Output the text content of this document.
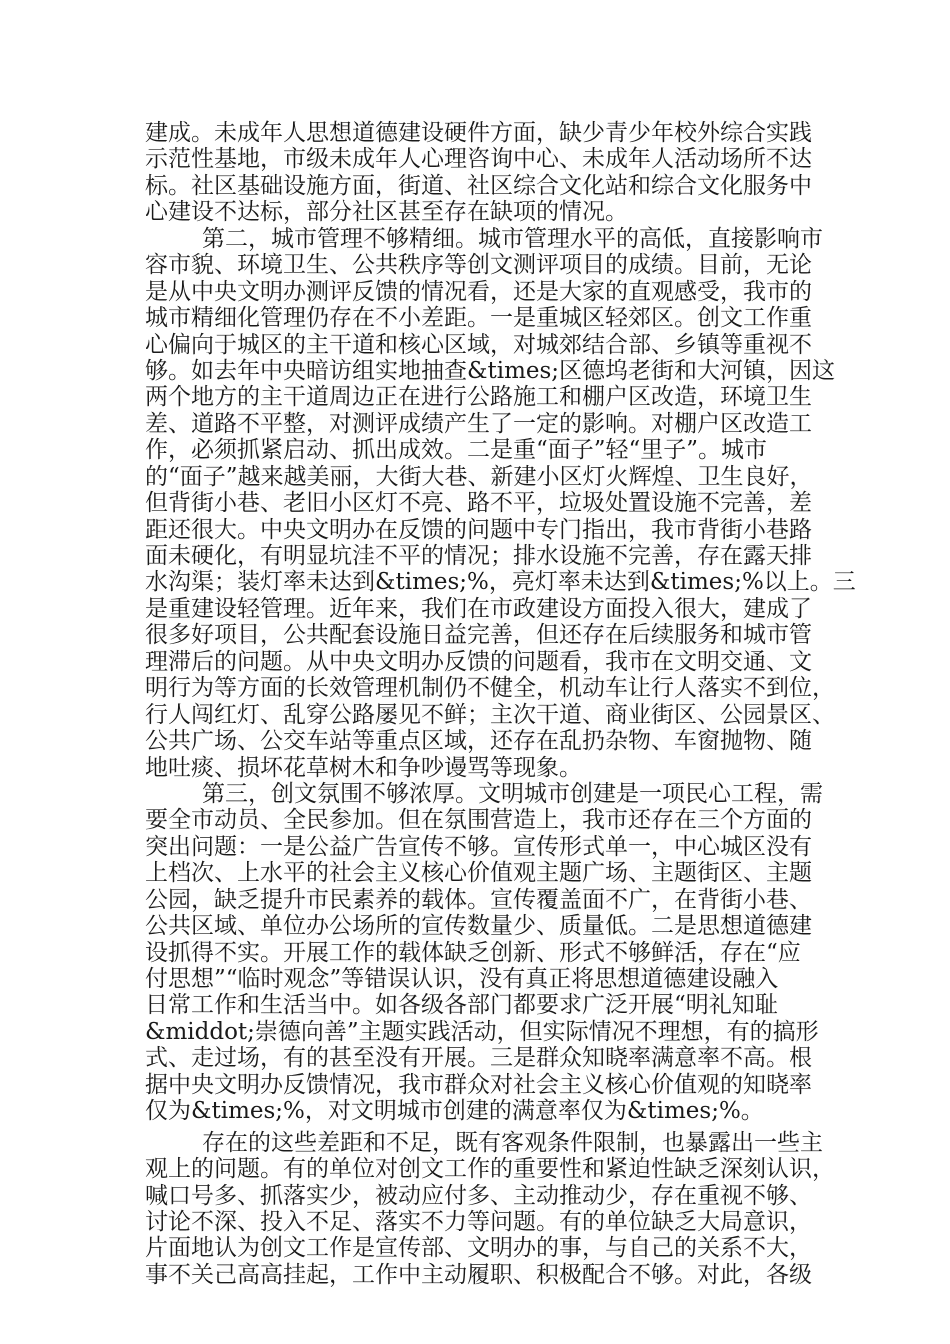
建成。未成年人思想道德建设硬件方面，缺少青少年校外综合实践
示范性基地，市级未成年人心理咨询中心、未成年人活动场所不达
标。社区基础设施方面，街道、社区综合文化站和综合文化服务中
心建设不达标，部分社区甚至存在缺项的情况。
第二，城市管理不够精细。城市管理水平的高低，直接影响市
容市貌、环境卫生、公共秩序等创文测评项目的成绩。目前，无论
是从中央文明办测评反馈的情况看，还是大家的直观感受，我市的
城市精细化管理仍存在不小差距。一是重城区轻郊区。创文工作重
心偏向于城区的主干道和核心区域，对城郊结合部、乡镇等重视不
够。如去年中央暗访组实地抽查&times;区德坞老街和大河镇，因这
两个地方的主干道周边正在进行公路施工和棚户区改造，环境卫生
差、道路不平整，对测评成绩产生了一定的影响。对棚户区改造工
作，必须抓紧启动、抓出成效。二是重“面子”轻“里子”。城市
的“面子”越来越美丽，大街大巷、新建小区灯火辉煌、卫生良好，
但背街小巷、老旧小区灯不亮、路不平，垃圾处置设施不完善，差
距还很大。中央文明办在反馈的问题中专门指出，我市背街小巷路
面未硬化，有明显坑洼不平的情况；排水设施不完善，存在露天排
水沟渠；装灯率未达到&times;%，亮灯率未达到&times;%以上。三
是重建设轻管理。近年来，我们在市政建设方面投入很大，建成了
很多好项目，公共配套设施日益完善，但还存在后续服务和城市管
理滞后的问题。从中央文明办反馈的问题看，我市在文明交通、文
明行为等方面的长效管理机制仍不健全，机动车让行人落实不到位，
行人闯红灯、乱穿公路屡见不鲜；主次干道、商业街区、公园景区、
公共广场、公交车站等重点区域，还存在乱扔杂物、车窗抛物、随
地吐痰、损坏花草树木和争吵谩骂等现象。
第三，创文氛围不够浓厚。文明城市创建是一项民心工程，需
要全市动员、全民参加。但在氛围营造上，我市还存在三个方面的
突出问题：一是公益广告宣传不够。宣传形式单一，中心城区没有
上档次、上水平的社会主义核心价值观主题广场、主题街区、主题
公园，缺乏提升市民素养的载体。宣传覆盖面不广，在背街小巷、
公共区域、单位办公场所的宣传数量少、质量低。二是思想道德建
设抓得不实。开展工作的载体缺乏创新、形式不够鲜活，存在“应
付思想”“临时观念”等错误认识，没有真正将思想道德建设融入
日常工作和生活当中。如各级各部门都要求广泛开展“明礼知耻
&middot;崇德向善”主题实践活动，但实际情况不理想，有的搞形
式、走过场，有的甚至没有开展。三是群众知晓率满意率不高。根
据中央文明办反馈情况，我市群众对社会主义核心价值观的知晓率
仅为&times;%，对文明城市创建的满意率仅为&times;%。
存在的这些差距和不足，既有客观条件限制，也暴露出一些主
观上的问题。有的单位对创文工作的重要性和紧迫性缺乏深刻认识，
喊口号多、抓落实少，被动应付多、主动推动少，存在重视不够、
讨论不深、投入不足、落实不力等问题。有的单位缺乏大局意识，
片面地认为创文工作是宣传部、文明办的事，与自己的关系不大，
事不关己高高挂起，工作中主动履职、积极配合不够。对此，各级
